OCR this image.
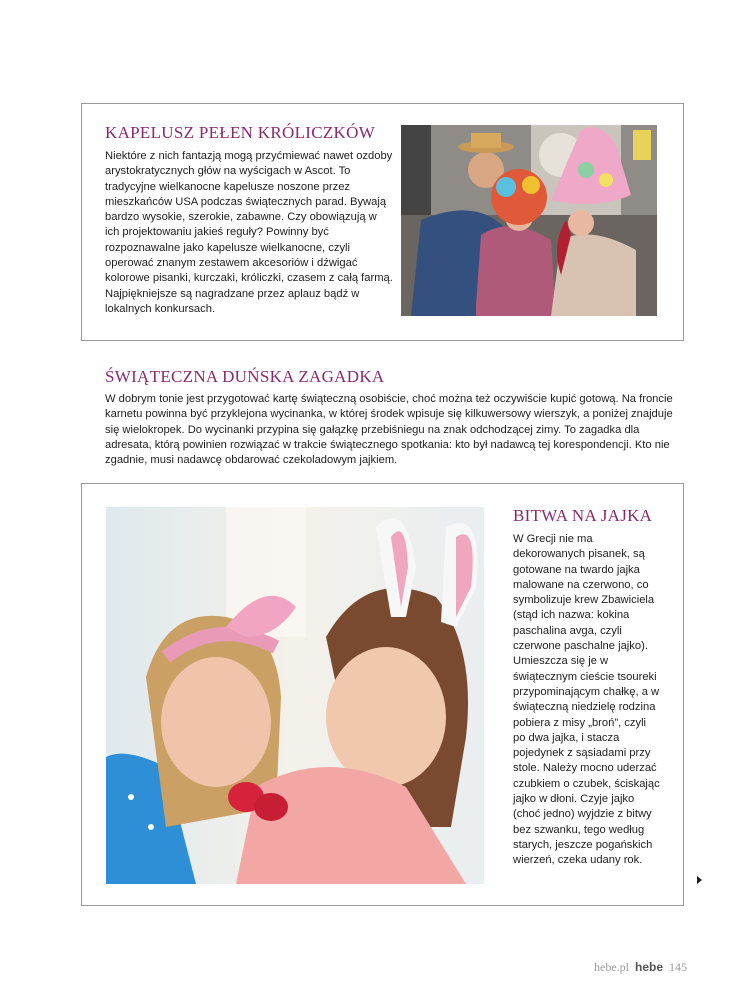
KAPELUSZ PEŁEN KRÓLICZKÓW

Niektóre z nich fantazją mogą przyćmiewać nawet ozdoby arystokratycznych głów na wyścigach w Ascot. To tradycyjne wielkanocne kapelusze noszone przez mieszkańców USA podczas świątecznych parad. Bywają bardzo wysokie, szerokie, zabawne. Czy obowiązują w ich projektowaniu jakieś reguły? Powinny być rozpoznawalne jako kapelusze wielkanocne, czyli operować znanym zestawem akcesoriów i dźwigać kolorowe pisanki, kurczaki, króliczki, czasem z całą farmą. Najpiękniejsze są nagradzane przez aplauz bądź w lokalnych konkursach.

ŚWIĄTECZNA DUŃSKA ZAGADKA

W dobrym tonie jest przygotować kartę świąteczną osobiście, choć można też oczywiście kupić gotową. Na froncie karnetu powinna być przyklejona wycinanka, w której środek wpisuje się kilkuwersowy wierszyk, a poniżej znajduje się wielokropek. Do wycinanki przypina się gałązkę przebiśniegu na znak odchodzącej zimy. To zagadka dla adresata, którą powinien rozwiązać w trakcie świątecznego spotkania: kto był nadawcą tej korespondencji. Kto nie zgadnie, musi nadawcę obdarować czekoladowym jajkiem.

BITWA NA JAJKA

W Grecji nie ma dekorowanych pisanek, są gotowane na twardo jajka malowane na czerwono, co symbolizuje krew Zbawiciela (stąd ich nazwa: kokina paschalina avga, czyli czerwone paschalne jajko). Umieszcza się je w świątecznym cieście tsoureki przypominającym chałkę, a w świąteczną niedzielę rodzina pobiera z misy „broń”, czyli po dwa jajka, i stacza pojedynek z sąsiadami przy stole. Należy mocno uderzać czubkiem o czubek, ściskając jajko w dłoni. Czyje jajko (choć jedno) wyjdzie z bitwy bez szwanku, tego według starych, jeszcze pogańskich wierzeń, czeka udany rok.

hebe.pl hebe 145
